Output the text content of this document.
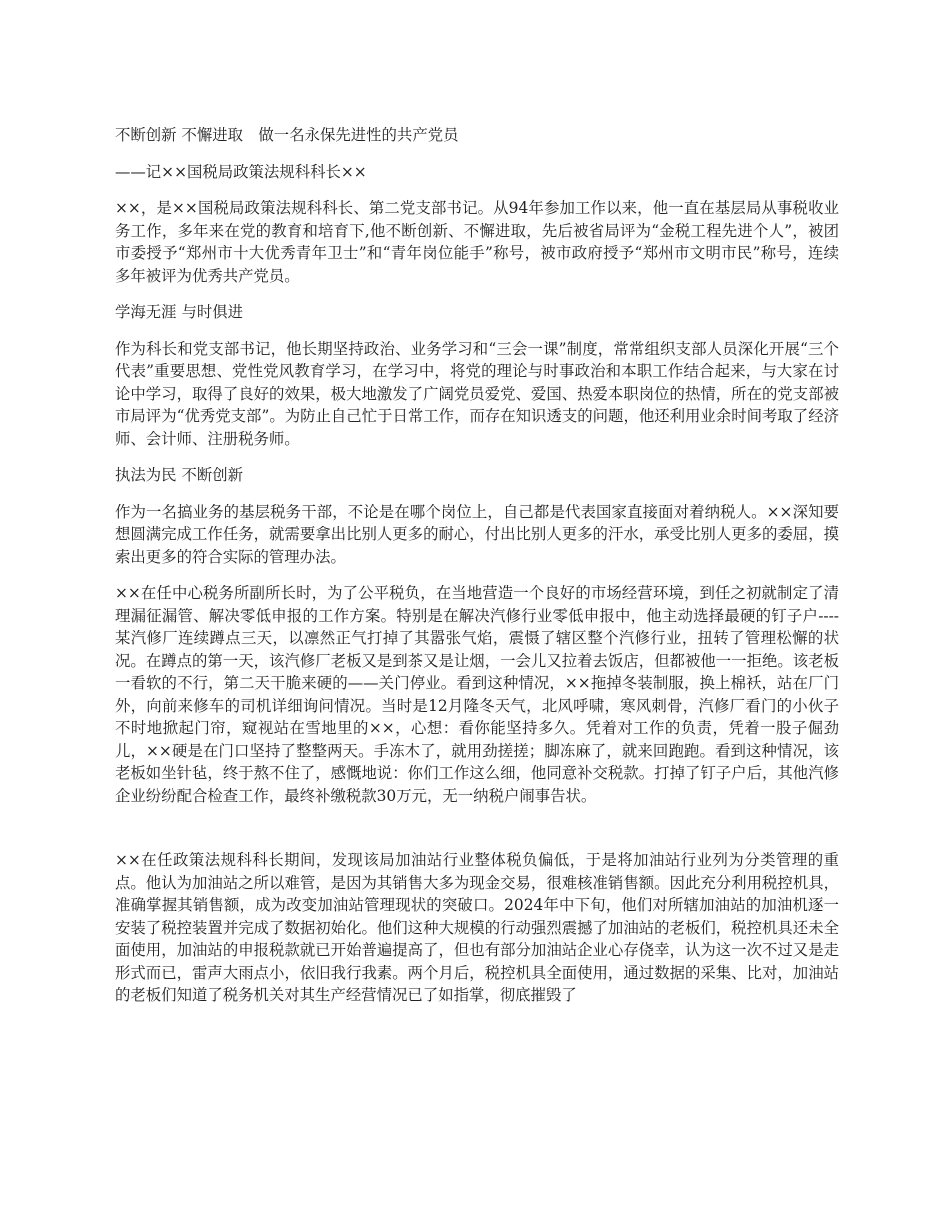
不断创新 不懈进取　做一名永保先进性的共产党员

——记××国税局政策法规科科长××

××，是××国税局政策法规科科长、第二党支部书记。从94年参加工作以来，他一直在基层局从事税收业务工作，多年来在党的教育和培育下,他不断创新、不懈进取，先后被省局评为“金税工程先进个人”，被团市委授予“郑州市十大优秀青年卫士”和“青年岗位能手”称号，被市政府授予“郑州市文明市民”称号，连续多年被评为优秀共产党员。

学海无涯 与时俱进

作为科长和党支部书记，他长期坚持政治、业务学习和“三会一课”制度，常常组织支部人员深化开展“三个代表”重要思想、党性党风教育学习，在学习中，将党的理论与时事政治和本职工作结合起来，与大家在讨论中学习，取得了良好的效果，极大地激发了广阔党员爱党、爱国、热爱本职岗位的热情，所在的党支部被市局评为“优秀党支部”。为防止自己忙于日常工作，而存在知识透支的问题，他还利用业余时间考取了经济师、会计师、注册税务师。

执法为民 不断创新

作为一名搞业务的基层税务干部，不论是在哪个岗位上，自己都是代表国家直接面对着纳税人。××深知要想圆满完成工作任务，就需要拿出比别人更多的耐心，付出比别人更多的汗水，承受比别人更多的委屈，摸索出更多的符合实际的管理办法。

××在任中心税务所副所长时，为了公平税负，在当地营造一个良好的市场经营环境，到任之初就制定了清理漏征漏管、解决零低申报的工作方案。特别是在解决汽修行业零低申报中，他主动选择最硬的钉子户----某汽修厂连续蹲点三天，以凛然正气打掉了其嚣张气焰，震慑了辖区整个汽修行业，扭转了管理松懈的状况。在蹲点的第一天，该汽修厂老板又是到茶又是让烟，一会儿又拉着去饭店，但都被他一一拒绝。该老板一看软的不行，第二天干脆来硬的——关门停业。看到这种情况，××拖掉冬装制服，换上棉袄，站在厂门外，向前来修车的司机详细询问情况。当时是12月隆冬天气，北风呼啸，寒风刺骨，汽修厂看门的小伙子不时地掀起门帘，窥视站在雪地里的××，心想：看你能坚持多久。凭着对工作的负责，凭着一股子倔劲儿，××硬是在门口坚持了整整两天。手冻木了，就用劲搓搓；脚冻麻了，就来回跑跑。看到这种情况，该老板如坐针毡，终于熬不住了，感慨地说：你们工作这么细，他同意补交税款。打掉了钉子户后，其他汽修企业纷纷配合检查工作，最终补缴税款30万元，无一纳税户闹事告状。

××在任政策法规科科长期间，发现该局加油站行业整体税负偏低，于是将加油站行业列为分类管理的重点。他认为加油站之所以难管，是因为其销售大多为现金交易，很难核准销售额。因此充分利用税控机具，准确掌握其销售额，成为改变加油站管理现状的突破口。2024年中下旬，他们对所辖加油站的加油机逐一安装了税控装置并完成了数据初始化。他们这种大规模的行动强烈震撼了加油站的老板们，税控机具还未全面使用，加油站的申报税款就已开始普遍提高了，但也有部分加油站企业心存侥幸，认为这一次不过又是走形式而已，雷声大雨点小，依旧我行我素。两个月后，税控机具全面使用，通过数据的采集、比对，加油站的老板们知道了税务机关对其生产经营情况已了如指掌，彻底摧毁了
